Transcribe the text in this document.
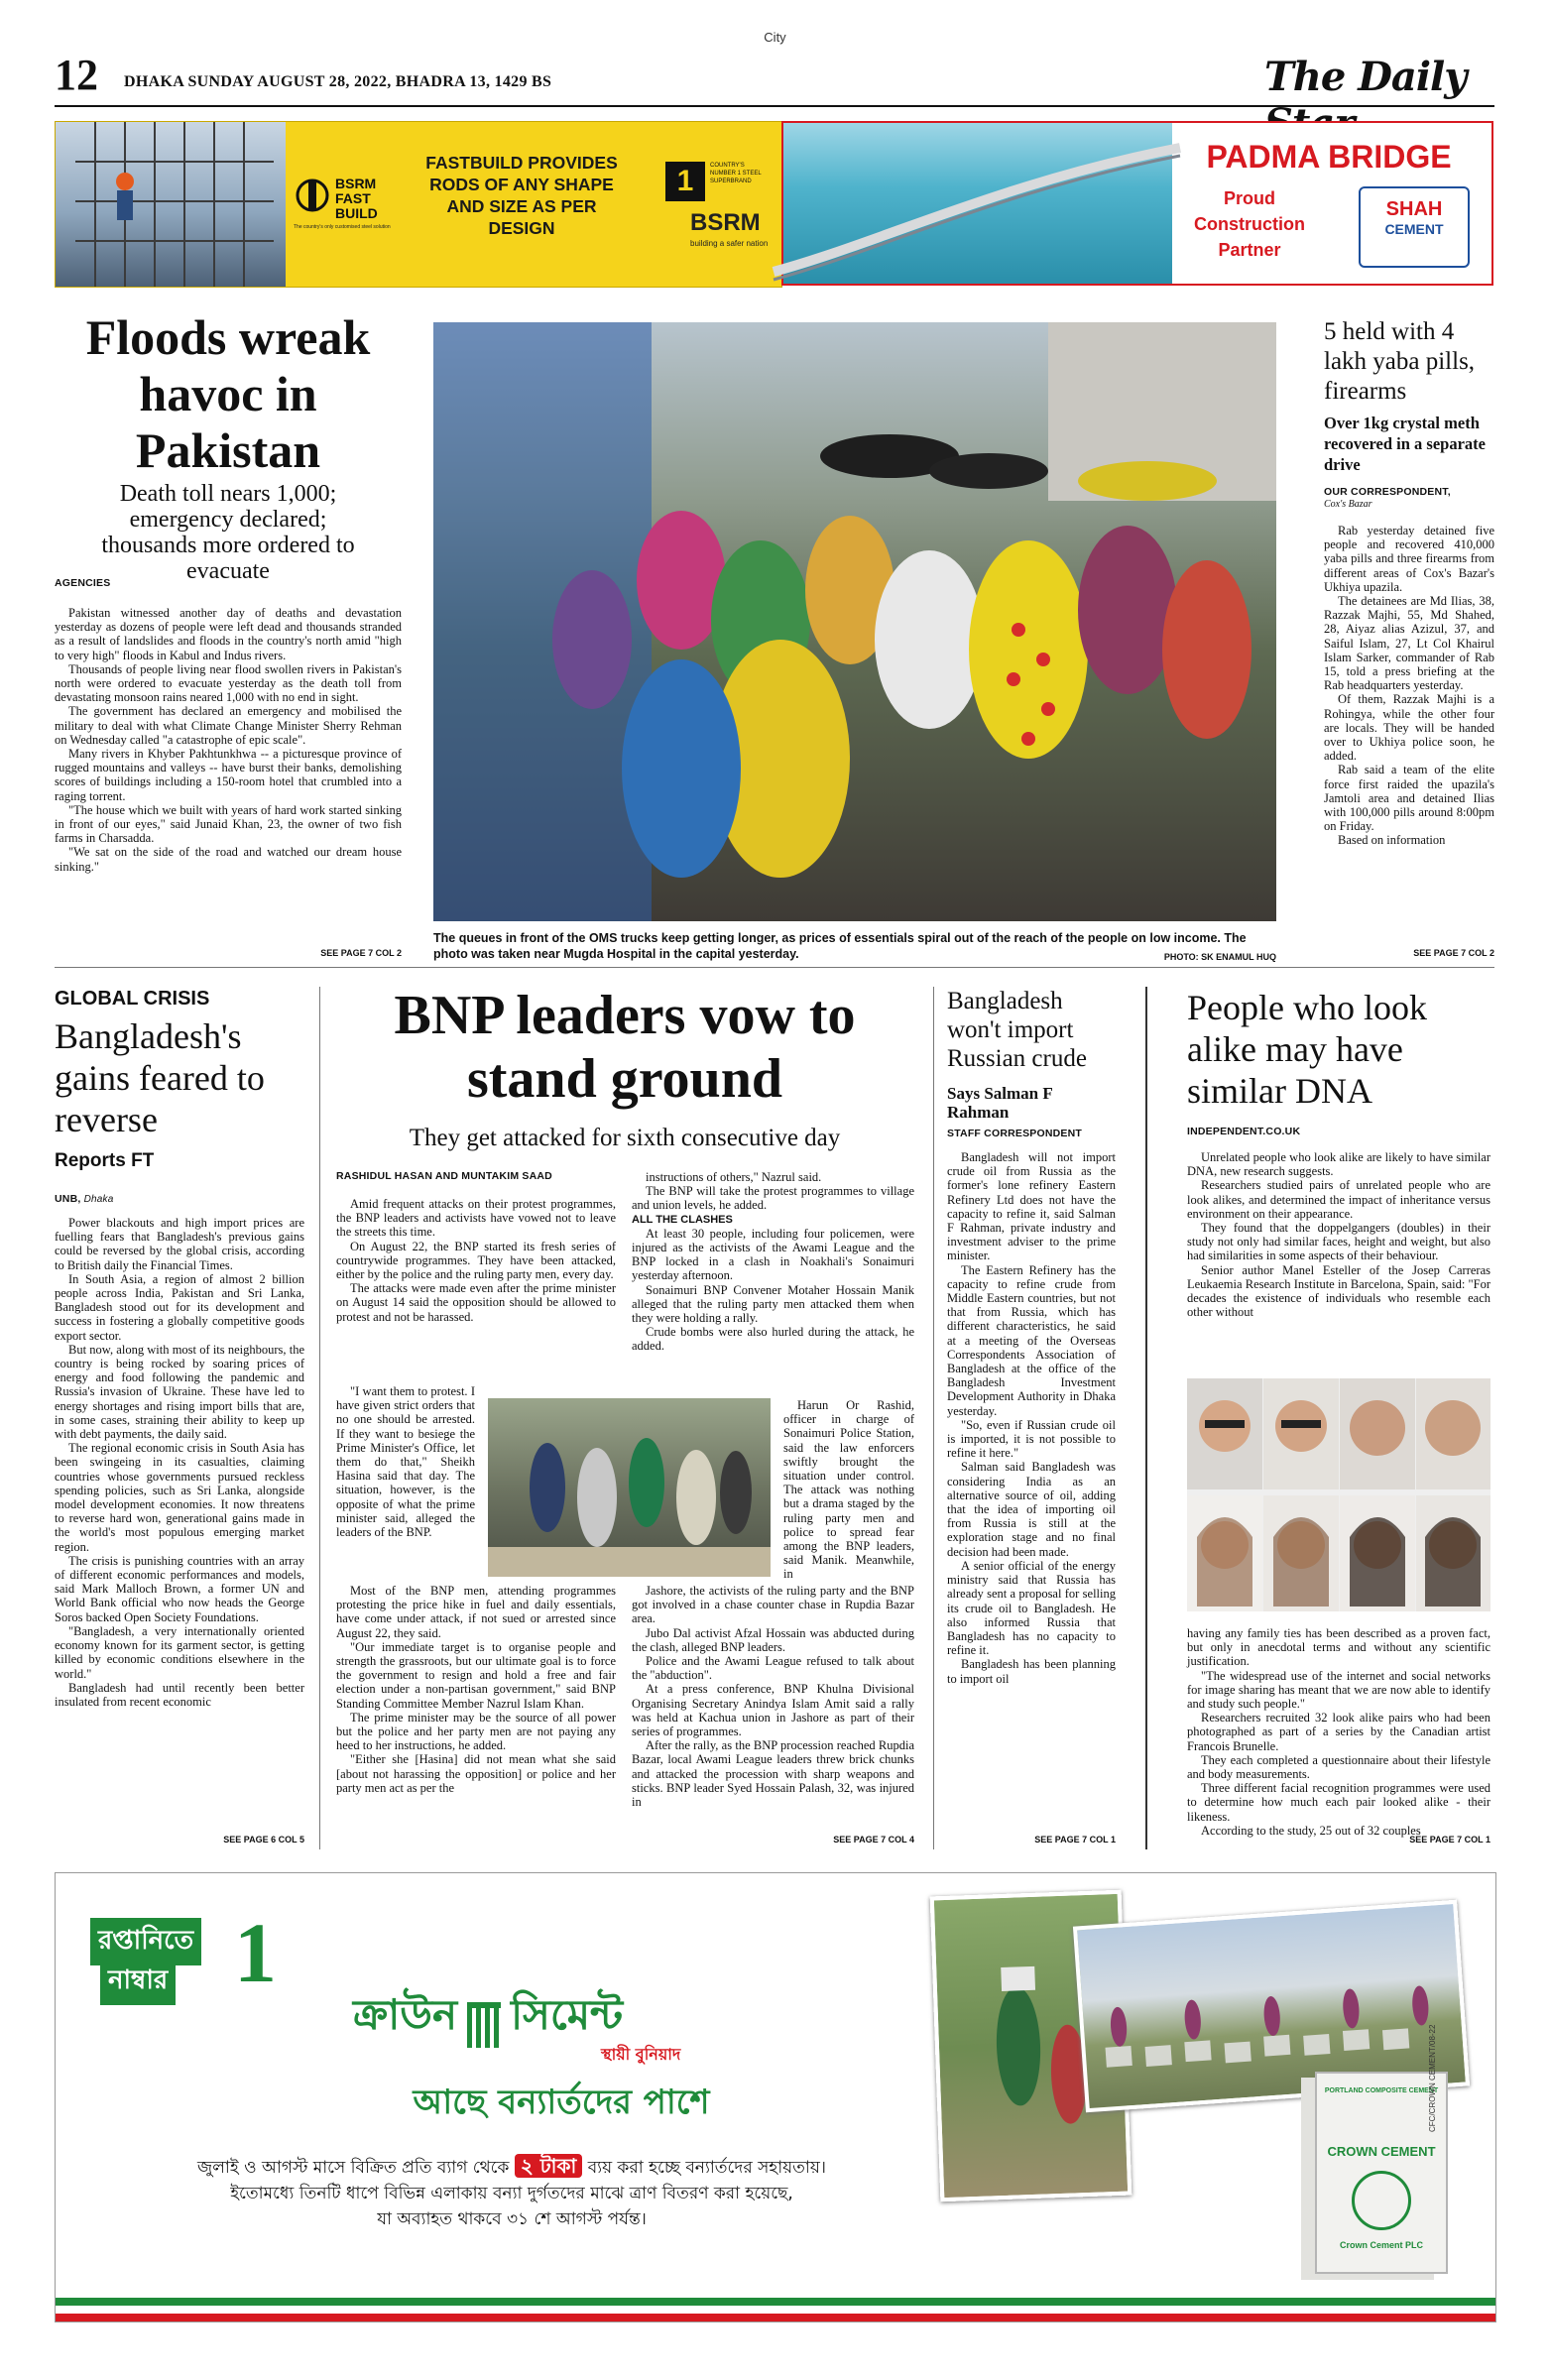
City
12 DHAKA SUNDAY AUGUST 28, 2022, BHADRA 13, 1429 BS	The Daily
BSRM FAST BUILD
The country's only customised steel solution
FASTBUILD PROVIDES RODS OF ANY SHAPE AND SIZE AS PER DESIGN
1	COUNTRY'S NUMBER 1 STEEL SUPERBRAND
BSRM
building a safer nation
PADMA BRIDGE
Proud
Construction
Partner
SHAH
CEMENT
Floods wreak havoc in Pakistan
Death toll nears 1,000; emergency declared; thousands more ordered to evacuate
AGENCIES

Pakistan witnessed another day of deaths and devastation yesterday as dozens of people were left dead and thousands stranded as a result of landslides and floods in the country's north amid "high to very high" floods in Kabul and Indus rivers.

Thousands of people living near flood swollen rivers in Pakistan's north were ordered to evacuate yesterday as the death toll from devastating monsoon rains neared 1,000 with no end in sight.

The government has declared an emergency and mobilised the military to deal with what Climate Change Minister Sherry Rehman on Wednesday called "a catastrophe of epic scale".

Many rivers in Khyber Pakhtunkhwa -- a picturesque province of rugged mountains and valleys -- have burst their banks, demolishing scores of buildings including a 150-room hotel that crumbled into a raging torrent.

"The house which we built with years of hard work started sinking in front of our eyes," said Junaid Khan, 23, the owner of two fish farms in Charsadda.

"We sat on the side of the road and watched our dream house sinking."

SEE PAGE 7 COL 2
The queues in front of the OMS trucks keep getting longer, as prices of essentials spiral out of the reach of the people on low income. The photo was taken near Mugda Hospital in the capital yesterday.	PHOTO: SK ENAMUL HUQ
5 held with 4 lakh yaba pills, firearms
Over 1kg crystal meth recovered in a separate drive
OUR CORRESPONDENT,
Cox's Bazar

Rab yesterday detained five people and recovered 410,000 yaba pills and three firearms from different areas of Cox's Bazar's Ukhiya upazila.

The detainees are Md Ilias, 38, Razzak Majhi, 55, Md Shahed, 28, Aiyaz alias Azizul, 37, and Saiful Islam, 27, Lt Col Khairul Islam Sarker, commander of Rab 15, told a press briefing at the Rab headquarters yesterday.

Of them, Razzak Majhi is a Rohingya, while the other four are locals. They will be handed over to Ukhiya police soon, he added.

Rab said a team of the elite force first raided the upazila's Jamtoli area and detained Ilias with 100,000 pills around 8:00pm on Friday.

Based on information

SEE PAGE 7 COL 2
GLOBAL CRISIS
Bangladesh's gains feared to reverse
Reports FT
UNB, Dhaka

Power blackouts and high import prices are fuelling fears that Bangladesh's previous gains could be reversed by the global crisis, according to British daily the Financial Times.

In South Asia, a region of almost 2 billion people across India, Pakistan and Sri Lanka, Bangladesh stood out for its development and success in fostering a globally competitive goods export sector.

But now, along with most of its neighbours, the country is being rocked by soaring prices of energy and food following the pandemic and Russia's invasion of Ukraine. These have led to energy shortages and rising import bills that are, in some cases, straining their ability to keep up with debt payments, the daily said.

The regional economic crisis in South Asia has been swingeing in its casualties, claiming countries whose governments pursued reckless spending policies, such as Sri Lanka, alongside model development economies. It now threatens to reverse hard won, generational gains made in the world's most populous emerging market region.

The crisis is punishing countries with an array of different economic performances and models, said Mark Malloch Brown, a former UN and World Bank official who now heads the George Soros backed Open Society Foundations.

"Bangladesh, a very internationally oriented economy known for its garment sector, is getting killed by economic conditions elsewhere in the world."

Bangladesh had until recently been better insulated from recent economic

SEE PAGE 6 COL 5
BNP leaders vow to stand ground
They get attacked for sixth consecutive day
RASHIDUL HASAN AND MUNTAKIM SAAD

Amid frequent attacks on their protest programmes, the BNP leaders and activists have vowed not to leave the streets this time.

On August 22, the BNP started its fresh series of countrywide programmes. They have been attacked, either by the police and the ruling party men, every day.

The attacks were made even after the prime minister on August 14 said the opposition should be allowed to protest and not be harassed.

"I want them to protest. I have given strict orders that no one should be arrested. If they want to besiege the Prime Minister's Office, let them do that," Sheikh Hasina said that day. The situation, however, is the opposite of what the prime minister said, alleged the leaders of the BNP.

Most of the BNP men, attending programmes protesting the price hike in fuel and daily essentials, have come under attack, if not sued or arrested since August 22, they said.

"Our immediate target is to organise people and strength the grassroots, but our ultimate goal is to force the government to resign and hold a free and fair election under a non-partisan government," said BNP Standing Committee Member Nazrul Islam Khan.

The prime minister may be the source of all power but the police and her party men are not paying any heed to her instructions, he added.

"Either she [Hasina] did not mean what she said [about not harassing the opposition] or police and her party men act as per the

instructions of others," Nazrul said.

The BNP will take the protest programmes to village and union levels, he added.

ALL THE CLASHES

At least 30 people, including four policemen, were injured as the activists of the Awami League and the BNP locked in a clash in Noakhali's Sonaimuri yesterday afternoon.

Sonaimuri BNP Convener Motaher Hossain Manik alleged that the ruling party men attacked them when they were holding a rally.

Crude bombs were also hurled during the attack, he added.

Harun Or Rashid, officer in charge of Sonaimuri Police Station, said the law enforcers swiftly brought the situation under control. The attack was nothing but a drama staged by the ruling party men and police to spread fear among the BNP leaders, said Manik. Meanwhile, in

Jashore, the activists of the ruling party and the BNP got involved in a chase counter chase in Rupdia Bazar area.

Jubo Dal activist Afzal Hossain was abducted during the clash, alleged BNP leaders.

Police and the Awami League refused to talk about the "abduction".

At a press conference, BNP Khulna Divisional Organising Secretary Anindya Islam Amit said a rally was held at Kachua union in Jashore as part of their series of programmes.

After the rally, as the BNP procession reached Rupdia Bazar, local Awami League leaders threw brick chunks and attacked the procession with sharp weapons and sticks. BNP leader Syed Hossain Palash, 32, was injured in

SEE PAGE 7 COL 4
Bangladesh won't import Russian crude
Says Salman F Rahman
STAFF CORRESPONDENT

Bangladesh will not import crude oil from Russia as the former's lone refinery Eastern Refinery Ltd does not have the capacity to refine it, said Salman F Rahman, private industry and investment adviser to the prime minister.

The Eastern Refinery has the capacity to refine crude from Middle Eastern countries, but not that from Russia, which has different characteristics, he said at a meeting of the Overseas Correspondents Association of Bangladesh at the office of the Bangladesh Investment Development Authority in Dhaka yesterday.

"So, even if Russian crude oil is imported, it is not possible to refine it here."

Salman said Bangladesh was considering India as an alternative source of oil, adding that the idea of importing oil from Russia is still at the exploration stage and no final decision had been made.

A senior official of the energy ministry said that Russia has already sent a proposal for selling its crude oil to Bangladesh. He also informed Russia that Bangladesh has no capacity to refine it.

Bangladesh has been planning to import oil

SEE PAGE 7 COL 1
People who look alike may have similar DNA
INDEPENDENT.CO.UK

Unrelated people who look alike are likely to have similar DNA, new research suggests.

Researchers studied pairs of unrelated people who are look alikes, and determined the impact of inheritance versus environment on their appearance.

They found that the doppelgangers (doubles) in their study not only had similar faces, height and weight, but also had similarities in some aspects of their behaviour.

Senior author Manel Esteller of the Josep Carreras Leukaemia Research Institute in Barcelona, Spain, said: "For decades the existence of individuals who resemble each other without

having any family ties has been described as a proven fact, but only in anecdotal terms and without any scientific justification.

"The widespread use of the internet and social networks for image sharing has meant that we are now able to identify and study such people."

Researchers recruited 32 look alike pairs who had been photographed as part of a series by the Canadian artist Francois Brunelle.

They each completed a questionnaire about their lifestyle and body measurements.

Three different facial recognition programmes were used to determine how much each pair looked alike - their likeness.

According to the study, 25 out of 32 couples

SEE PAGE 7 COL 1
রপ্তানিতে
নাম্বার 1
ক্রাউন সিমেন্ট
স্থায়ী বুনিয়াদ
আছে বন্যার্তদের পাশে
জুলাই ও আগস্ট মাসে বিক্রিত প্রতি ব্যাগ থেকে ২ টাকা ব্যয় করা হচ্ছে বন্যার্তদের সহায়তায়।
ইতোমধ্যে তিনটি ধাপে বিভিন্ন এলাকায় বন্যা দুর্গতদের মাঝে ত্রাণ বিতরণ করা হয়েছে,
যা অব্যাহত থাকবে ৩১ শে আগস্ট পর্যন্ত।
PORTLAND COMPOSITE CEMENT
CROWN CEMENT
Crown Cement PLC
CFC/CROWN CEMENT/08-22
